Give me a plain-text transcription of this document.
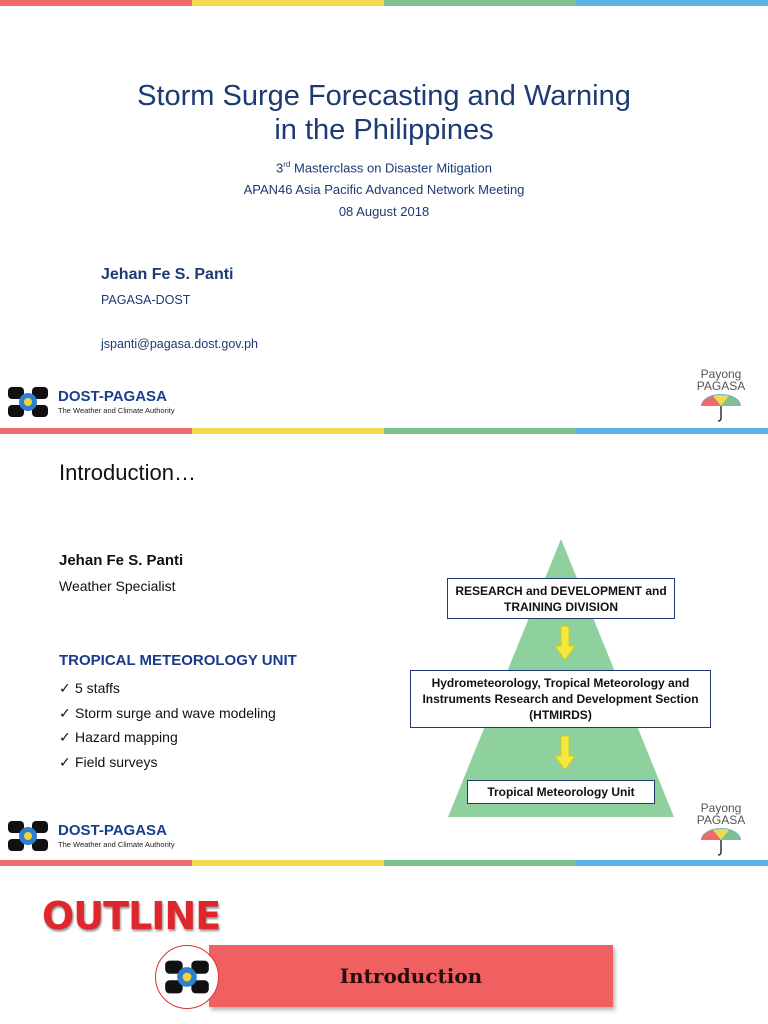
Storm Surge Forecasting and Warning
in the Philippines
3rd Masterclass on Disaster Mitigation
APAN46 Asia Pacific Advanced Network Meeting
08 August 2018
Jehan Fe S. Panti
PAGASA-DOST
jspanti@pagasa.dost.gov.ph
DOST-PAGASA
The Weather and Climate Authority
Payong
PAGASA
Introduction…
Jehan Fe S. Panti
Weather Specialist
TROPICAL METEOROLOGY UNIT
✓ 5 staffs
✓ Storm surge and wave modeling
✓ Hazard mapping
✓ Field surveys
RESEARCH and DEVELOPMENT and
TRAINING DIVISION
Hydrometeorology, Tropical Meteorology and
Instruments Research and Development Section
(HTMIRDS)
Tropical Meteorology Unit
DOST-PAGASA
The Weather and Climate Authority
Payong
PAGASA
OUTLINE
Introduction
